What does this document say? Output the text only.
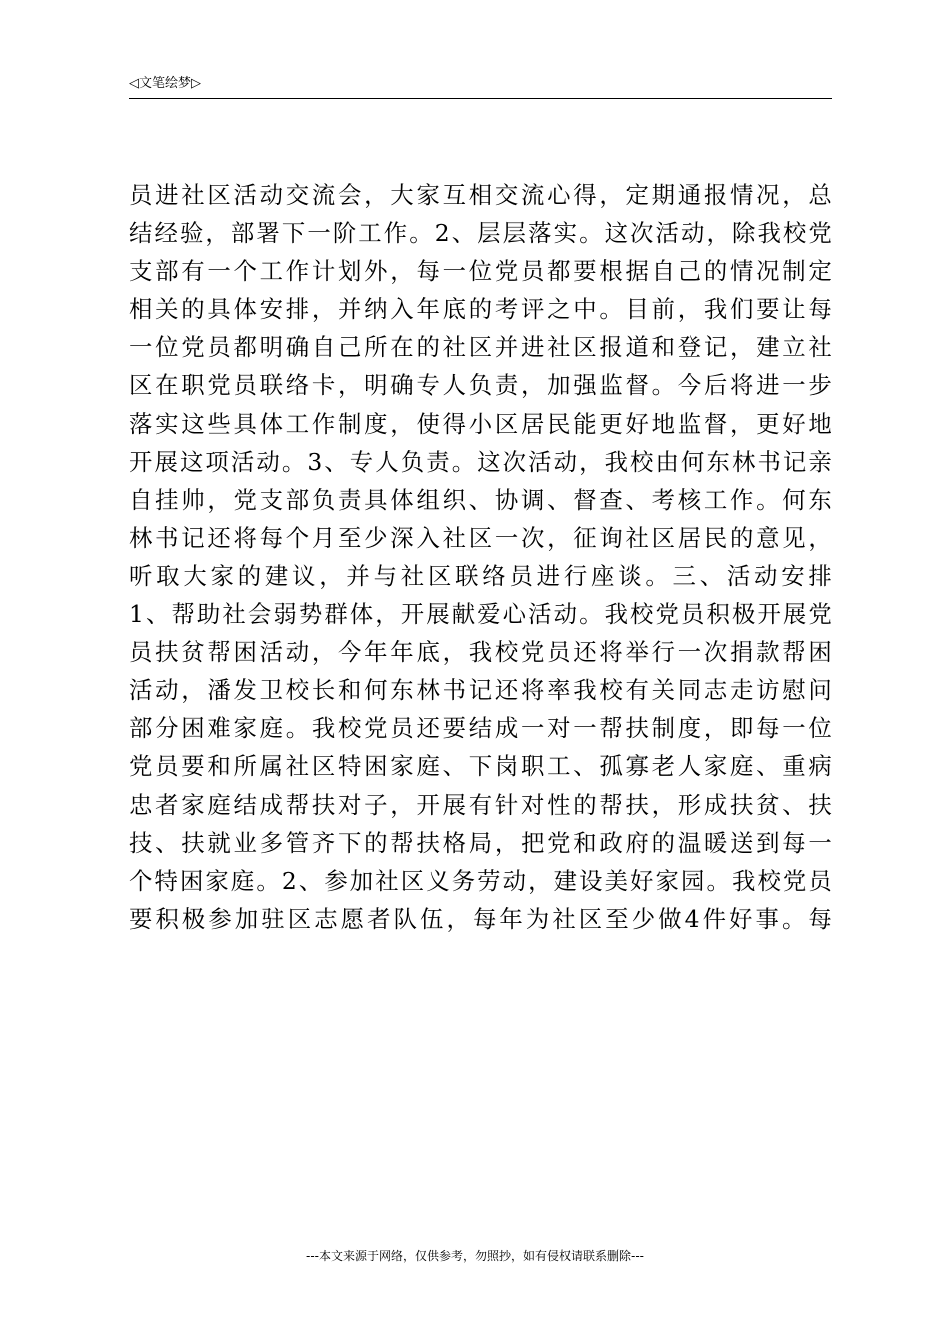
◁文笔绘梦▷
员进社区活动交流会，大家互相交流心得，定期通报情况，总
结经验，部署下一阶工作。2、层层落实。这次活动，除我校党
支部有一个工作计划外，每一位党员都要根据自己的情况制定
相关的具体安排，并纳入年底的考评之中。目前，我们要让每
一位党员都明确自己所在的社区并进社区报道和登记，建立社
区在职党员联络卡，明确专人负责，加强监督。今后将进一步
落实这些具体工作制度，使得小区居民能更好地监督，更好地
开展这项活动。3、专人负责。这次活动，我校由何东林书记亲
自挂帅，党支部负责具体组织、协调、督查、考核工作。何东
林书记还将每个月至少深入社区一次，征询社区居民的意见，
听取大家的建议，并与社区联络员进行座谈。三、活动安排
1、帮助社会弱势群体，开展献爱心活动。我校党员积极开展党
员扶贫帮困活动，今年年底，我校党员还将举行一次捐款帮困
活动，潘发卫校长和何东林书记还将率我校有关同志走访慰问
部分困难家庭。我校党员还要结成一对一帮扶制度，即每一位
党员要和所属社区特困家庭、下岗职工、孤寡老人家庭、重病
忠者家庭结成帮扶对子，开展有针对性的帮扶，形成扶贫、扶
技、扶就业多管齐下的帮扶格局，把党和政府的温暖送到每一
个特困家庭。2、参加社区义务劳动，建设美好家园。我校党员
要积极参加驻区志愿者队伍，每年为社区至少做4件好事。每
---本文来源于网络，仅供参考，勿照抄，如有侵权请联系删除---
